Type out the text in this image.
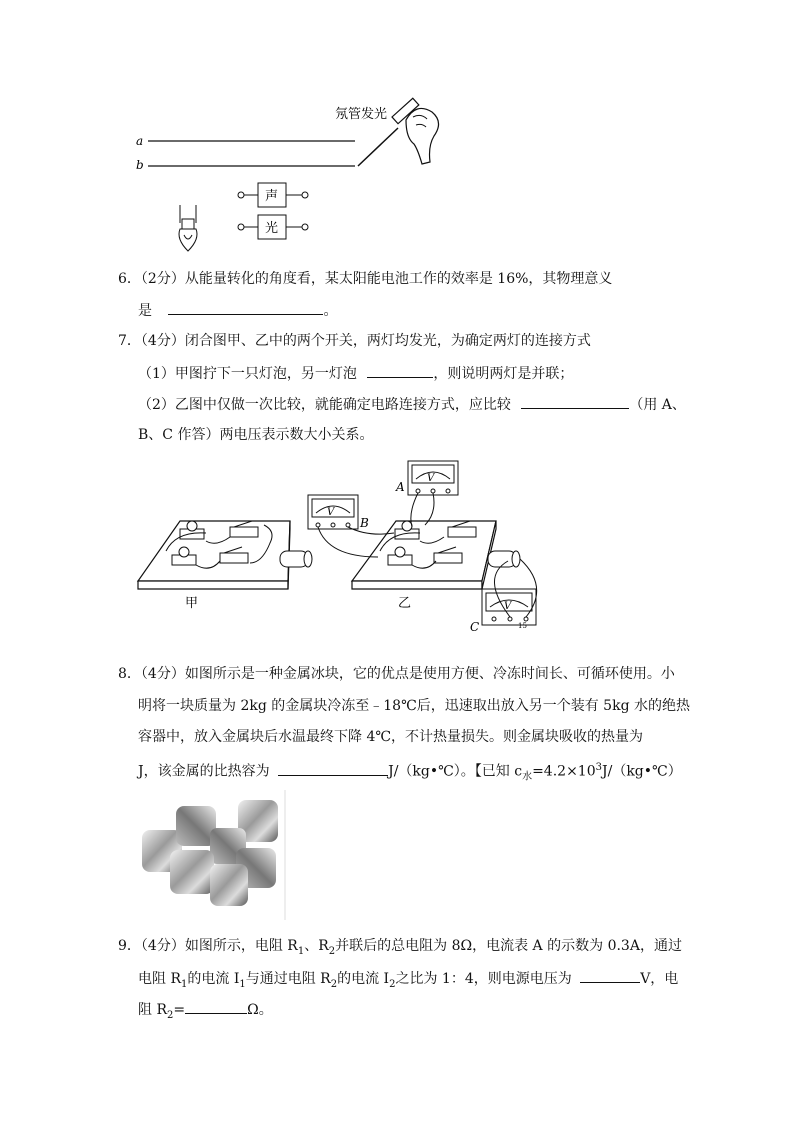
氖管发光
a
b
声
光
6．（2分）从能量转化的角度看，某太阳能电池工作的效率是 16%，其物理意义
是	。
7．（4分）闭合图甲、乙中的两个开关，两灯均发光，为确定两灯的连接方式
（1）甲图拧下一只灯泡，另一灯泡	，则说明两灯是并联；
（2）乙图中仅做一次比较，就能确定电路连接方式，应比较	（用 A、
B、C 作答）两电压表示数大小关系。
V
B
V
A
V
15
C
甲	乙
8．（4分）如图所示是一种金属冰块，它的优点是使用方便、冷冻时间长、可循环使用。小
明将一块质量为 2kg 的金属块冷冻至﹣18℃后，迅速取出放入另一个装有 5kg 水的绝热
容器中，放入金属块后水温最终下降 4℃，不计热量损失。则金属块吸收的热量为
J，该金属的比热容为	J/（kg•℃）。【已知 $c_水=4.2\times 10^3J/(kg•℃)$
9．（4分）如图所示，电阻 $R_1$、$R_2$并联后的总电阻为 8Ω，电流表 A 的示数为 0.3A，通过
电阻 $R_1$的电流 $I_1$与通过电阻 $R_2$的电流 $I_2$之比为 1：4，则电源电压为	V，电
阻 $R_2=$	Ω。
